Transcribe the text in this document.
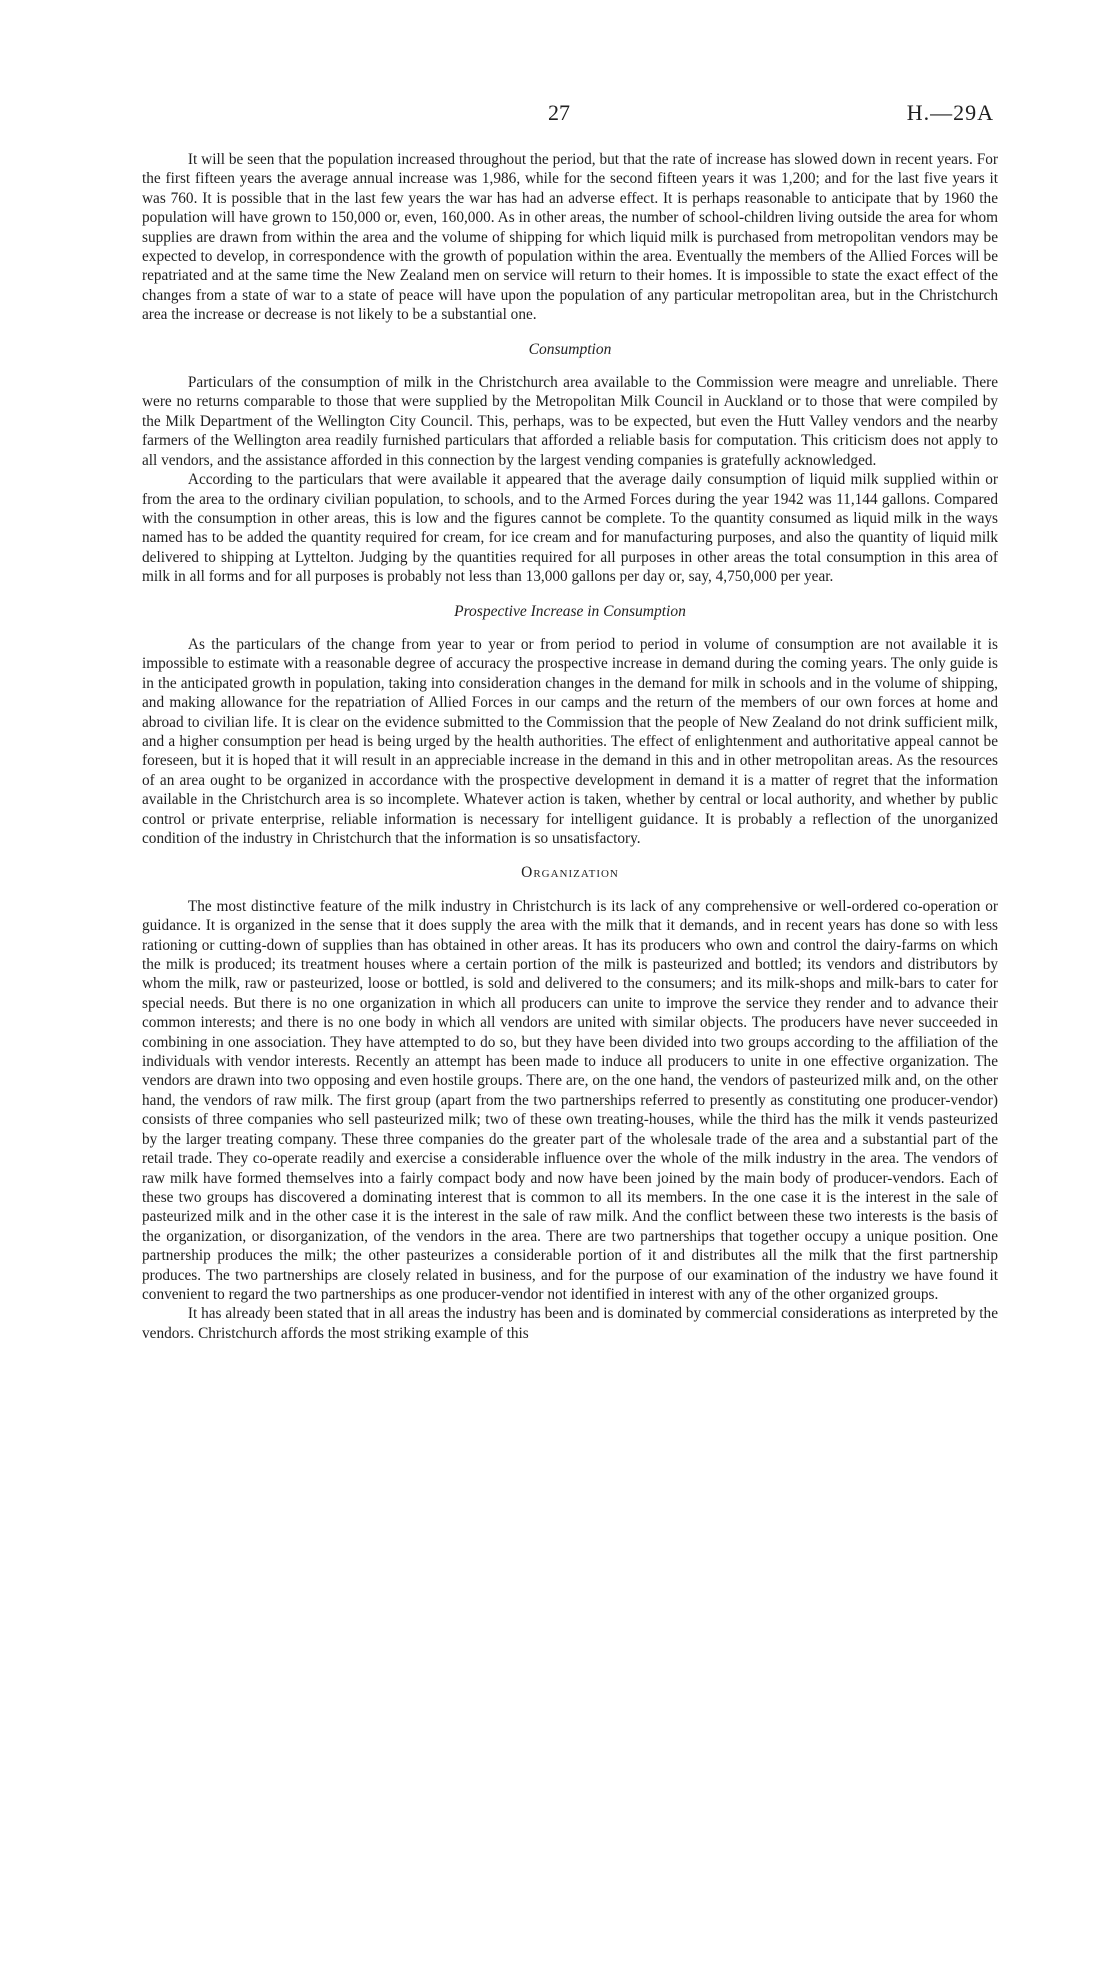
27	H.—29A

It will be seen that the population increased throughout the period, but that the rate of increase has slowed down in recent years. For the first fifteen years the average annual increase was 1,986, while for the second fifteen years it was 1,200; and for the last five years it was 760. It is possible that in the last few years the war has had an adverse effect. It is perhaps reasonable to anticipate that by 1960 the population will have grown to 150,000 or, even, 160,000. As in other areas, the number of school-children living outside the area for whom supplies are drawn from within the area and the volume of shipping for which liquid milk is purchased from metropolitan vendors may be expected to develop, in correspondence with the growth of population within the area. Eventually the members of the Allied Forces will be repatriated and at the same time the New Zealand men on service will return to their homes. It is impossible to state the exact effect of the changes from a state of war to a state of peace will have upon the population of any particular metropolitan area, but in the Christchurch area the increase or decrease is not likely to be a substantial one.

Consumption

Particulars of the consumption of milk in the Christchurch area available to the Commission were meagre and unreliable. There were no returns comparable to those that were supplied by the Metropolitan Milk Council in Auckland or to those that were compiled by the Milk Department of the Wellington City Council. This, perhaps, was to be expected, but even the Hutt Valley vendors and the nearby farmers of the Wellington area readily furnished particulars that afforded a reliable basis for computation. This criticism does not apply to all vendors, and the assistance afforded in this connection by the largest vending companies is gratefully acknowledged.

According to the particulars that were available it appeared that the average daily consumption of liquid milk supplied within or from the area to the ordinary civilian population, to schools, and to the Armed Forces during the year 1942 was 11,144 gallons. Compared with the consumption in other areas, this is low and the figures cannot be complete. To the quantity consumed as liquid milk in the ways named has to be added the quantity required for cream, for ice cream and for manufacturing purposes, and also the quantity of liquid milk delivered to shipping at Lyttelton. Judging by the quantities required for all purposes in other areas the total consumption in this area of milk in all forms and for all purposes is probably not less than 13,000 gallons per day or, say, 4,750,000 per year.

Prospective Increase in Consumption

As the particulars of the change from year to year or from period to period in volume of consumption are not available it is impossible to estimate with a reasonable degree of accuracy the prospective increase in demand during the coming years. The only guide is in the anticipated growth in population, taking into consideration changes in the demand for milk in schools and in the volume of shipping, and making allowance for the repatriation of Allied Forces in our camps and the return of the members of our own forces at home and abroad to civilian life. It is clear on the evidence submitted to the Commission that the people of New Zealand do not drink sufficient milk, and a higher consumption per head is being urged by the health authorities. The effect of enlightenment and authoritative appeal cannot be foreseen, but it is hoped that it will result in an appreciable increase in the demand in this and in other metropolitan areas. As the resources of an area ought to be organized in accordance with the prospective development in demand it is a matter of regret that the information available in the Christchurch area is so incomplete. Whatever action is taken, whether by central or local authority, and whether by public control or private enterprise, reliable information is necessary for intelligent guidance. It is probably a reflection of the unorganized condition of the industry in Christchurch that the information is so unsatisfactory.

Organization

The most distinctive feature of the milk industry in Christchurch is its lack of any comprehensive or well-ordered co-operation or guidance. It is organized in the sense that it does supply the area with the milk that it demands, and in recent years has done so with less rationing or cutting-down of supplies than has obtained in other areas. It has its producers who own and control the dairy-farms on which the milk is produced; its treatment houses where a certain portion of the milk is pasteurized and bottled; its vendors and distributors by whom the milk, raw or pasteurized, loose or bottled, is sold and delivered to the consumers; and its milk-shops and milk-bars to cater for special needs. But there is no one organization in which all producers can unite to improve the service they render and to advance their common interests; and there is no one body in which all vendors are united with similar objects. The producers have never succeeded in combining in one association. They have attempted to do so, but they have been divided into two groups according to the affiliation of the individuals with vendor interests. Recently an attempt has been made to induce all producers to unite in one effective organization. The vendors are drawn into two opposing and even hostile groups. There are, on the one hand, the vendors of pasteurized milk and, on the other hand, the vendors of raw milk. The first group (apart from the two partnerships referred to presently as constituting one producer-vendor) consists of three companies who sell pasteurized milk; two of these own treating-houses, while the third has the milk it vends pasteurized by the larger treating company. These three companies do the greater part of the wholesale trade of the area and a substantial part of the retail trade. They co-operate readily and exercise a considerable influence over the whole of the milk industry in the area. The vendors of raw milk have formed themselves into a fairly compact body and now have been joined by the main body of producer-vendors. Each of these two groups has discovered a dominating interest that is common to all its members. In the one case it is the interest in the sale of pasteurized milk and in the other case it is the interest in the sale of raw milk. And the conflict between these two interests is the basis of the organization, or disorganization, of the vendors in the area. There are two partnerships that together occupy a unique position. One partnership produces the milk; the other pasteurizes a considerable portion of it and distributes all the milk that the first partnership produces. The two partnerships are closely related in business, and for the purpose of our examination of the industry we have found it convenient to regard the two partnerships as one producer-vendor not identified in interest with any of the other organized groups.

It has already been stated that in all areas the industry has been and is dominated by commercial considerations as interpreted by the vendors. Christchurch affords the most striking example of this
